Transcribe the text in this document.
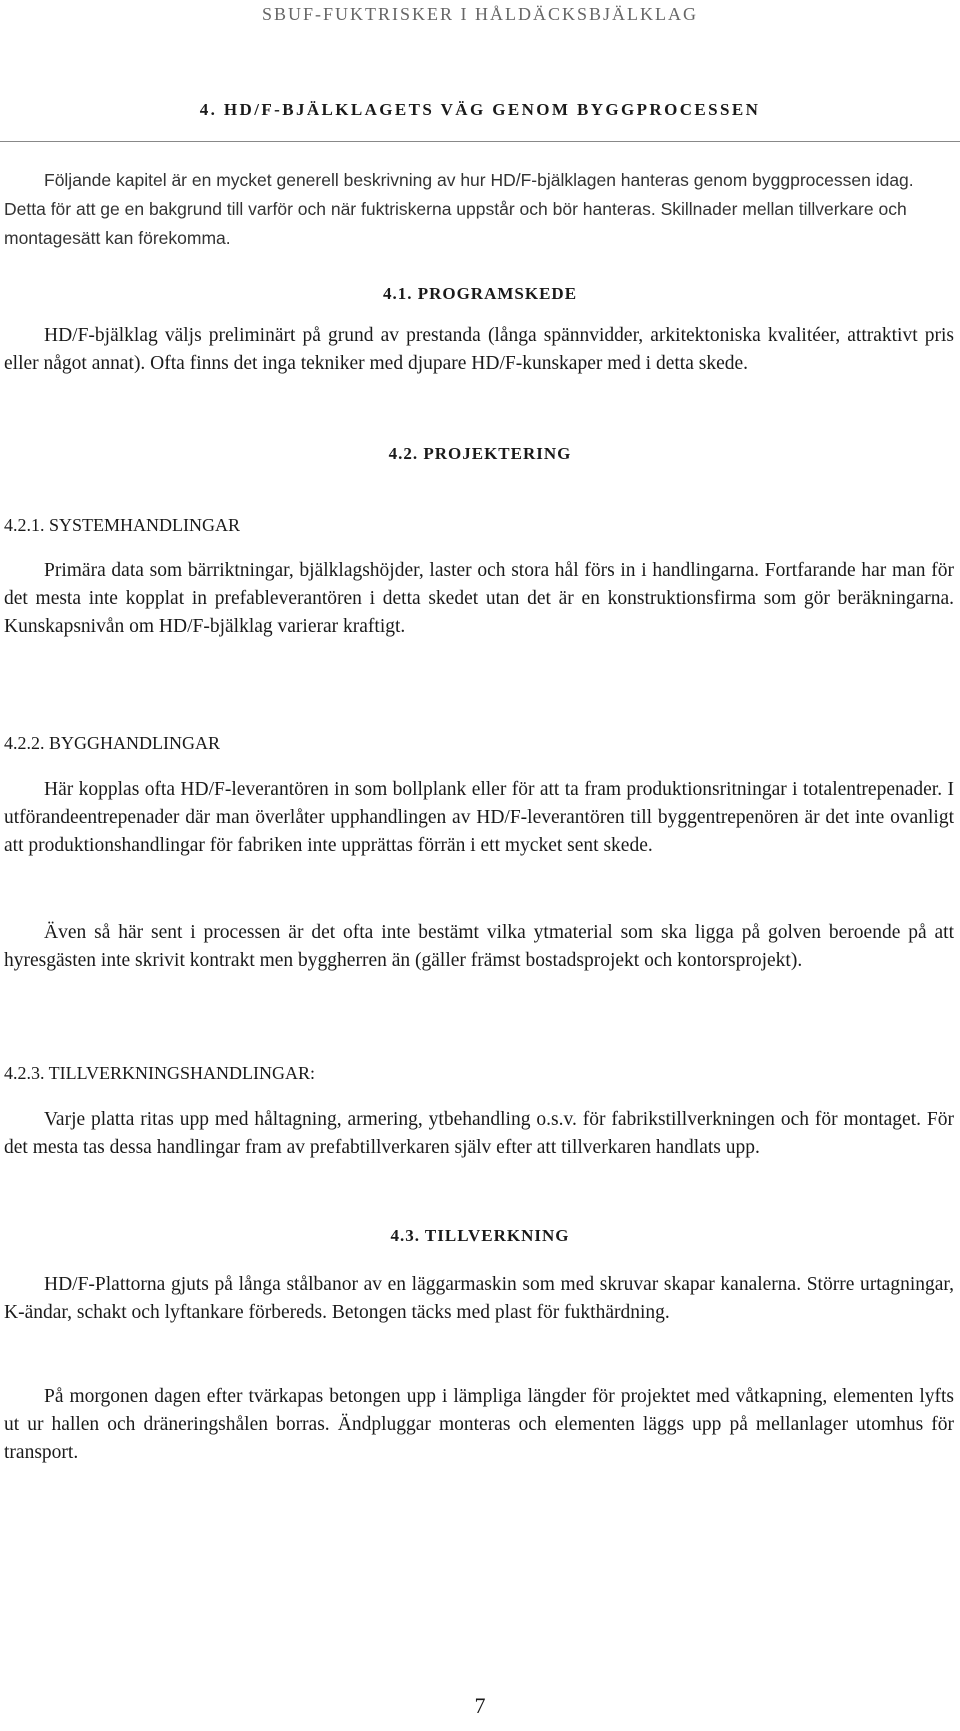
SBUF-FUKTRISKER I HÅLDÄCKSBJÄLKLAG
4. HD/F-BJÄLKLAGETS VÄG GENOM BYGGPROCESSEN

Följande kapitel är en mycket generell beskrivning av hur HD/F-bjälklagen hanteras genom byggprocessen idag. Detta för att ge en bakgrund till varför och när fuktriskerna uppstår och bör hanteras. Skillnader mellan tillverkare och montagesätt kan förekomma.

4.1. PROGRAMSKEDE

HD/F-bjälklag väljs preliminärt på grund av prestanda (långa spännvidder, arkitektoniska kvalitéer, attraktivt pris eller något annat). Ofta finns det inga tekniker med djupare HD/F-kunskaper med i detta skede.

4.2. PROJEKTERING
4.2.1. SYSTEMHANDLINGAR

Primära data som bärriktningar, bjälklagshöjder, laster och stora hål förs in i handlingarna. Fortfarande har man för det mesta inte kopplat in prefableverantören i detta skedet utan det är en konstruktionsfirma som gör beräkningarna. Kunskapsnivån om HD/F-bjälklag varierar kraftigt.

4.2.2. BYGGHANDLINGAR

Här kopplas ofta HD/F-leverantören in som bollplank eller för att ta fram produktionsritningar i totalentrepenader. I utförandeentrepenader där man överlåter upphandlingen av HD/F-leverantören till byggentrepenören är det inte ovanligt att produktionshandlingar för fabriken inte upprättas förrän i ett mycket sent skede.

Även så här sent i processen är det ofta inte bestämt vilka ytmaterial som ska ligga på golven beroende på att hyresgästen inte skrivit kontrakt men byggherren än (gäller främst bostadsprojekt och kontorsprojekt).

4.2.3. TILLVERKNINGSHANDLINGAR:

Varje platta ritas upp med håltagning, armering, ytbehandling o.s.v. för fabrikstillverkningen och för montaget. För det mesta tas dessa handlingar fram av prefabtillverkaren själv efter att tillverkaren handlats upp.

4.3. TILLVERKNING

HD/F-Plattorna gjuts på långa stålbanor av en läggarmaskin som med skruvar skapar kanalerna. Större urtagningar, K-ändar, schakt och lyftankare förbereds. Betongen täcks med plast för fukthärdning.

På morgonen dagen efter tvärkapas betongen upp i lämpliga längder för projektet med våtkapning, elementen lyfts ut ur hallen och dräneringshålen borras. Ändpluggar monteras och elementen läggs upp på mellanlager utomhus för transport.

7
